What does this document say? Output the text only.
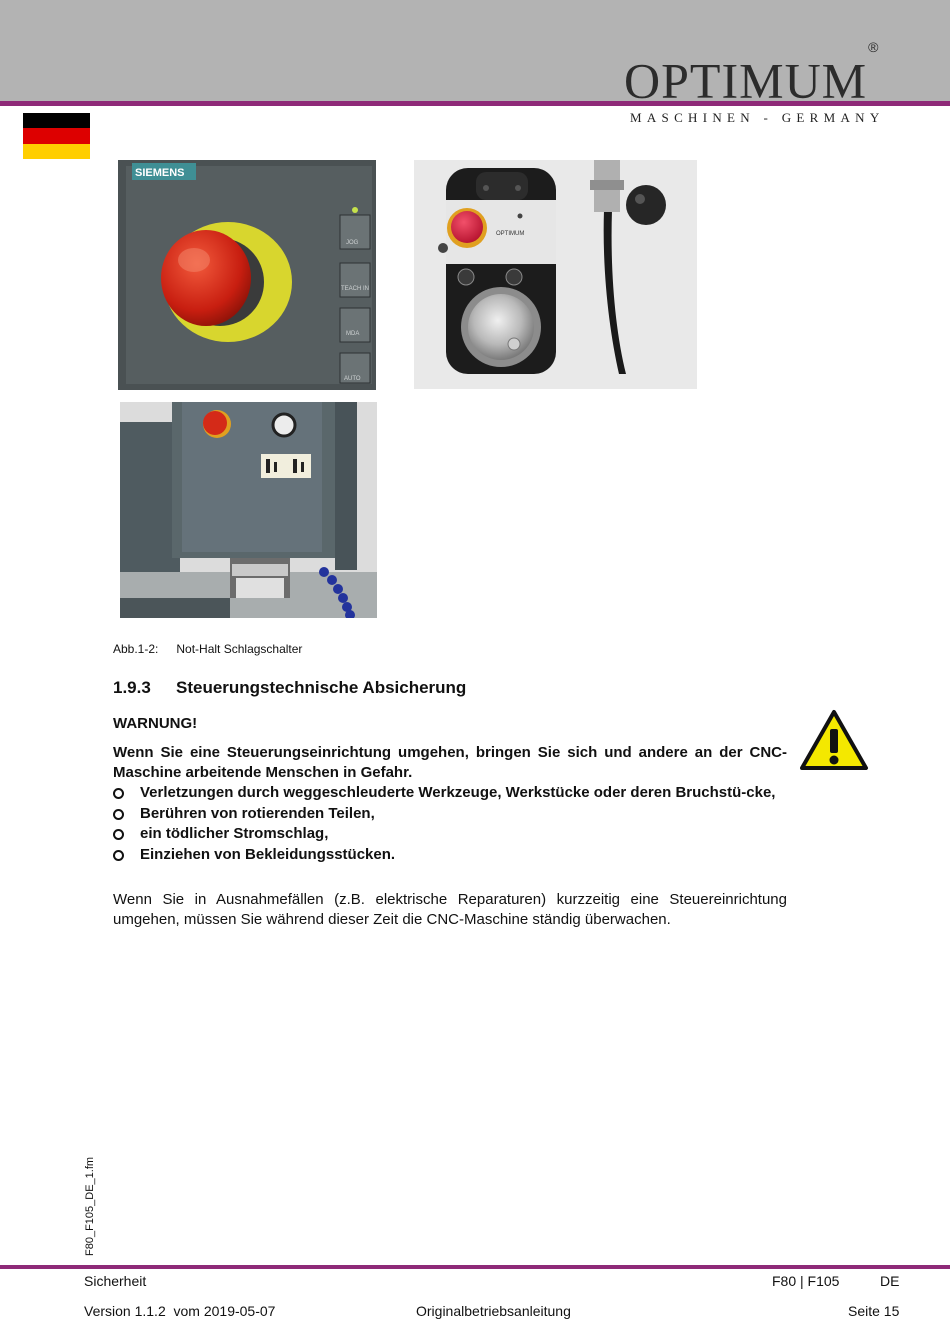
OPTIMUM®
MASCHINEN - GERMANY
SIEMENS
JOG
TEACH IN
MDA
AUTO
OPTIMUM
Abb.1-2: Not-Halt Schlagschalter
1.9.3 Steuerungstechnische Absicherung
WARNUNG!
Wenn Sie eine Steuerungseinrichtung umgehen, bringen Sie sich und andere an der CNC-Maschine arbeitende Menschen in Gefahr.
Verletzungen durch weggeschleuderte Werkzeuge, Werkstücke oder deren Bruchstü-cke,
Berühren von rotierenden Teilen,
ein tödlicher Stromschlag,
Einziehen von Bekleidungsstücken.
Wenn Sie in Ausnahmefällen (z.B. elektrische Reparaturen) kurzzeitig eine Steuereinrichtung umgehen, müssen Sie während dieser Zeit die CNC-Maschine ständig überwachen.
F80_F105_DE_1.fm
Sicherheit	F80 | F105	DE
Version 1.1.2  vom 2019-05-07	Originalbetriebsanleitung	Seite 15
